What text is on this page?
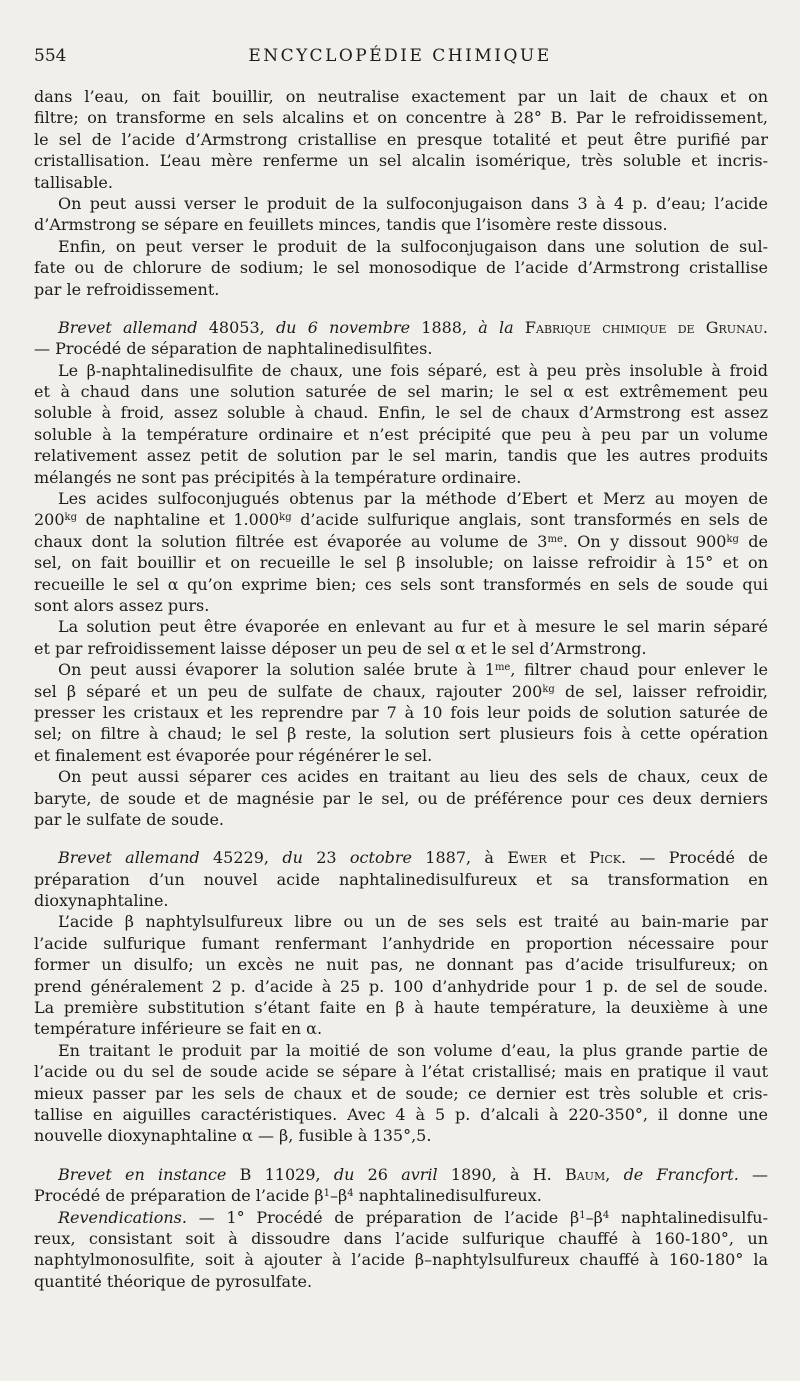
554	ENCYCLOPÉDIE CHIMIQUE
dans l’eau, on fait bouillir, on neutralise exactement par un lait de chaux et on
filtre; on transforme en sels alcalins et on concentre à 28° B. Par le refroidissement,
le sel de l’acide d’Armstrong cristallise en presque totalité et peut être purifié par
cristallisation. L’eau mère renferme un sel alcalin isomérique, très soluble et incris-
tallisable.
On peut aussi verser le produit de la sulfoconjugaison dans 3 à 4 p. d’eau; l’acide
d’Armstrong se sépare en feuillets minces, tandis que l’isomère reste dissous.
Enfin, on peut verser le produit de la sulfoconjugaison dans une solution de sul-
fate ou de chlorure de sodium; le sel monosodique de l’acide d’Armstrong cristallise
par le refroidissement.
Brevet allemand 48053, du 6 novembre 1888, à la Fabrique chimique de Grunau.
— Procédé de séparation de naphtalinedisulfites.
Le β-naphtalinedisulfite de chaux, une fois séparé, est à peu près insoluble à froid
et à chaud dans une solution saturée de sel marin; le sel α est extrêmement peu
soluble à froid, assez soluble à chaud. Enfin, le sel de chaux d’Armstrong est assez
soluble à la température ordinaire et n’est précipité que peu à peu par un volume
relativement assez petit de solution par le sel marin, tandis que les autres produits
mélangés ne sont pas précipités à la température ordinaire.
Les acides sulfoconjugués obtenus par la méthode d’Ebert et Merz au moyen de
$200^{kg}$ de naphtaline et $1.000^{kg}$ d’acide sulfurique anglais, sont transformés en sels de
chaux dont la solution filtrée est évaporée au volume de $3^{me}$. On y dissout $900^{kg}$ de
sel, on fait bouillir et on recueille le sel β insoluble; on laisse refroidir à 15° et on
recueille le sel α qu’on exprime bien; ces sels sont transformés en sels de soude qui
sont alors assez purs.
La solution peut être évaporée en enlevant au fur et à mesure le sel marin séparé
et par refroidissement laisse déposer un peu de sel α et le sel d’Armstrong.
On peut aussi évaporer la solution salée brute à $1^{me}$, filtrer chaud pour enlever le
sel β séparé et un peu de sulfate de chaux, rajouter $200^{kg}$ de sel, laisser refroidir,
presser les cristaux et les reprendre par 7 à 10 fois leur poids de solution saturée de
sel; on filtre à chaud; le sel β reste, la solution sert plusieurs fois à cette opération
et finalement est évaporée pour régénérer le sel.
On peut aussi séparer ces acides en traitant au lieu des sels de chaux, ceux de
baryte, de soude et de magnésie par le sel, ou de préférence pour ces deux derniers
par le sulfate de soude.
Brevet allemand 45229, du 23 octobre 1887, à Ewer et Pick. — Procédé de
préparation d’un nouvel acide naphtalinedisulfureux et sa transformation en
dioxynaphtaline.
L’acide β naphtylsulfureux libre ou un de ses sels est traité au bain-marie par
l’acide sulfurique fumant renfermant l’anhydride en proportion nécessaire pour
former un disulfo; un excès ne nuit pas, ne donnant pas d’acide trisulfureux; on
prend généralement 2 p. d’acide à 25 p. 100 d’anhydride pour 1 p. de sel de soude.
La première substitution s’étant faite en β à haute température, la deuxième à une
température inférieure se fait en α.
En traitant le produit par la moitié de son volume d’eau, la plus grande partie de
l’acide ou du sel de soude acide se sépare à l’état cristallisé; mais en pratique il vaut
mieux passer par les sels de chaux et de soude; ce dernier est très soluble et cris-
tallise en aiguilles caractéristiques. Avec 4 à 5 p. d’alcali à 220-350°, il donne une
nouvelle dioxynaphtaline α — β, fusible à 135°,5.
Brevet en instance B 11029, du 26 avril 1890, à H. Baum, de Francfort. —
Procédé de préparation de l’acide $\beta^1-\beta^4$ naphtalinedisulfureux.
Revendications. — 1° Procédé de préparation de l’acide $\beta^1-\beta^4$ naphtalinedisulfu-
reux, consistant soit à dissoudre dans l’acide sulfurique chauffé à 160-180°, un
naphtylmonosulfite, soit à ajouter à l’acide β–naphtylsulfureux chauffé à 160-180° la
quantité théorique de pyrosulfate.
